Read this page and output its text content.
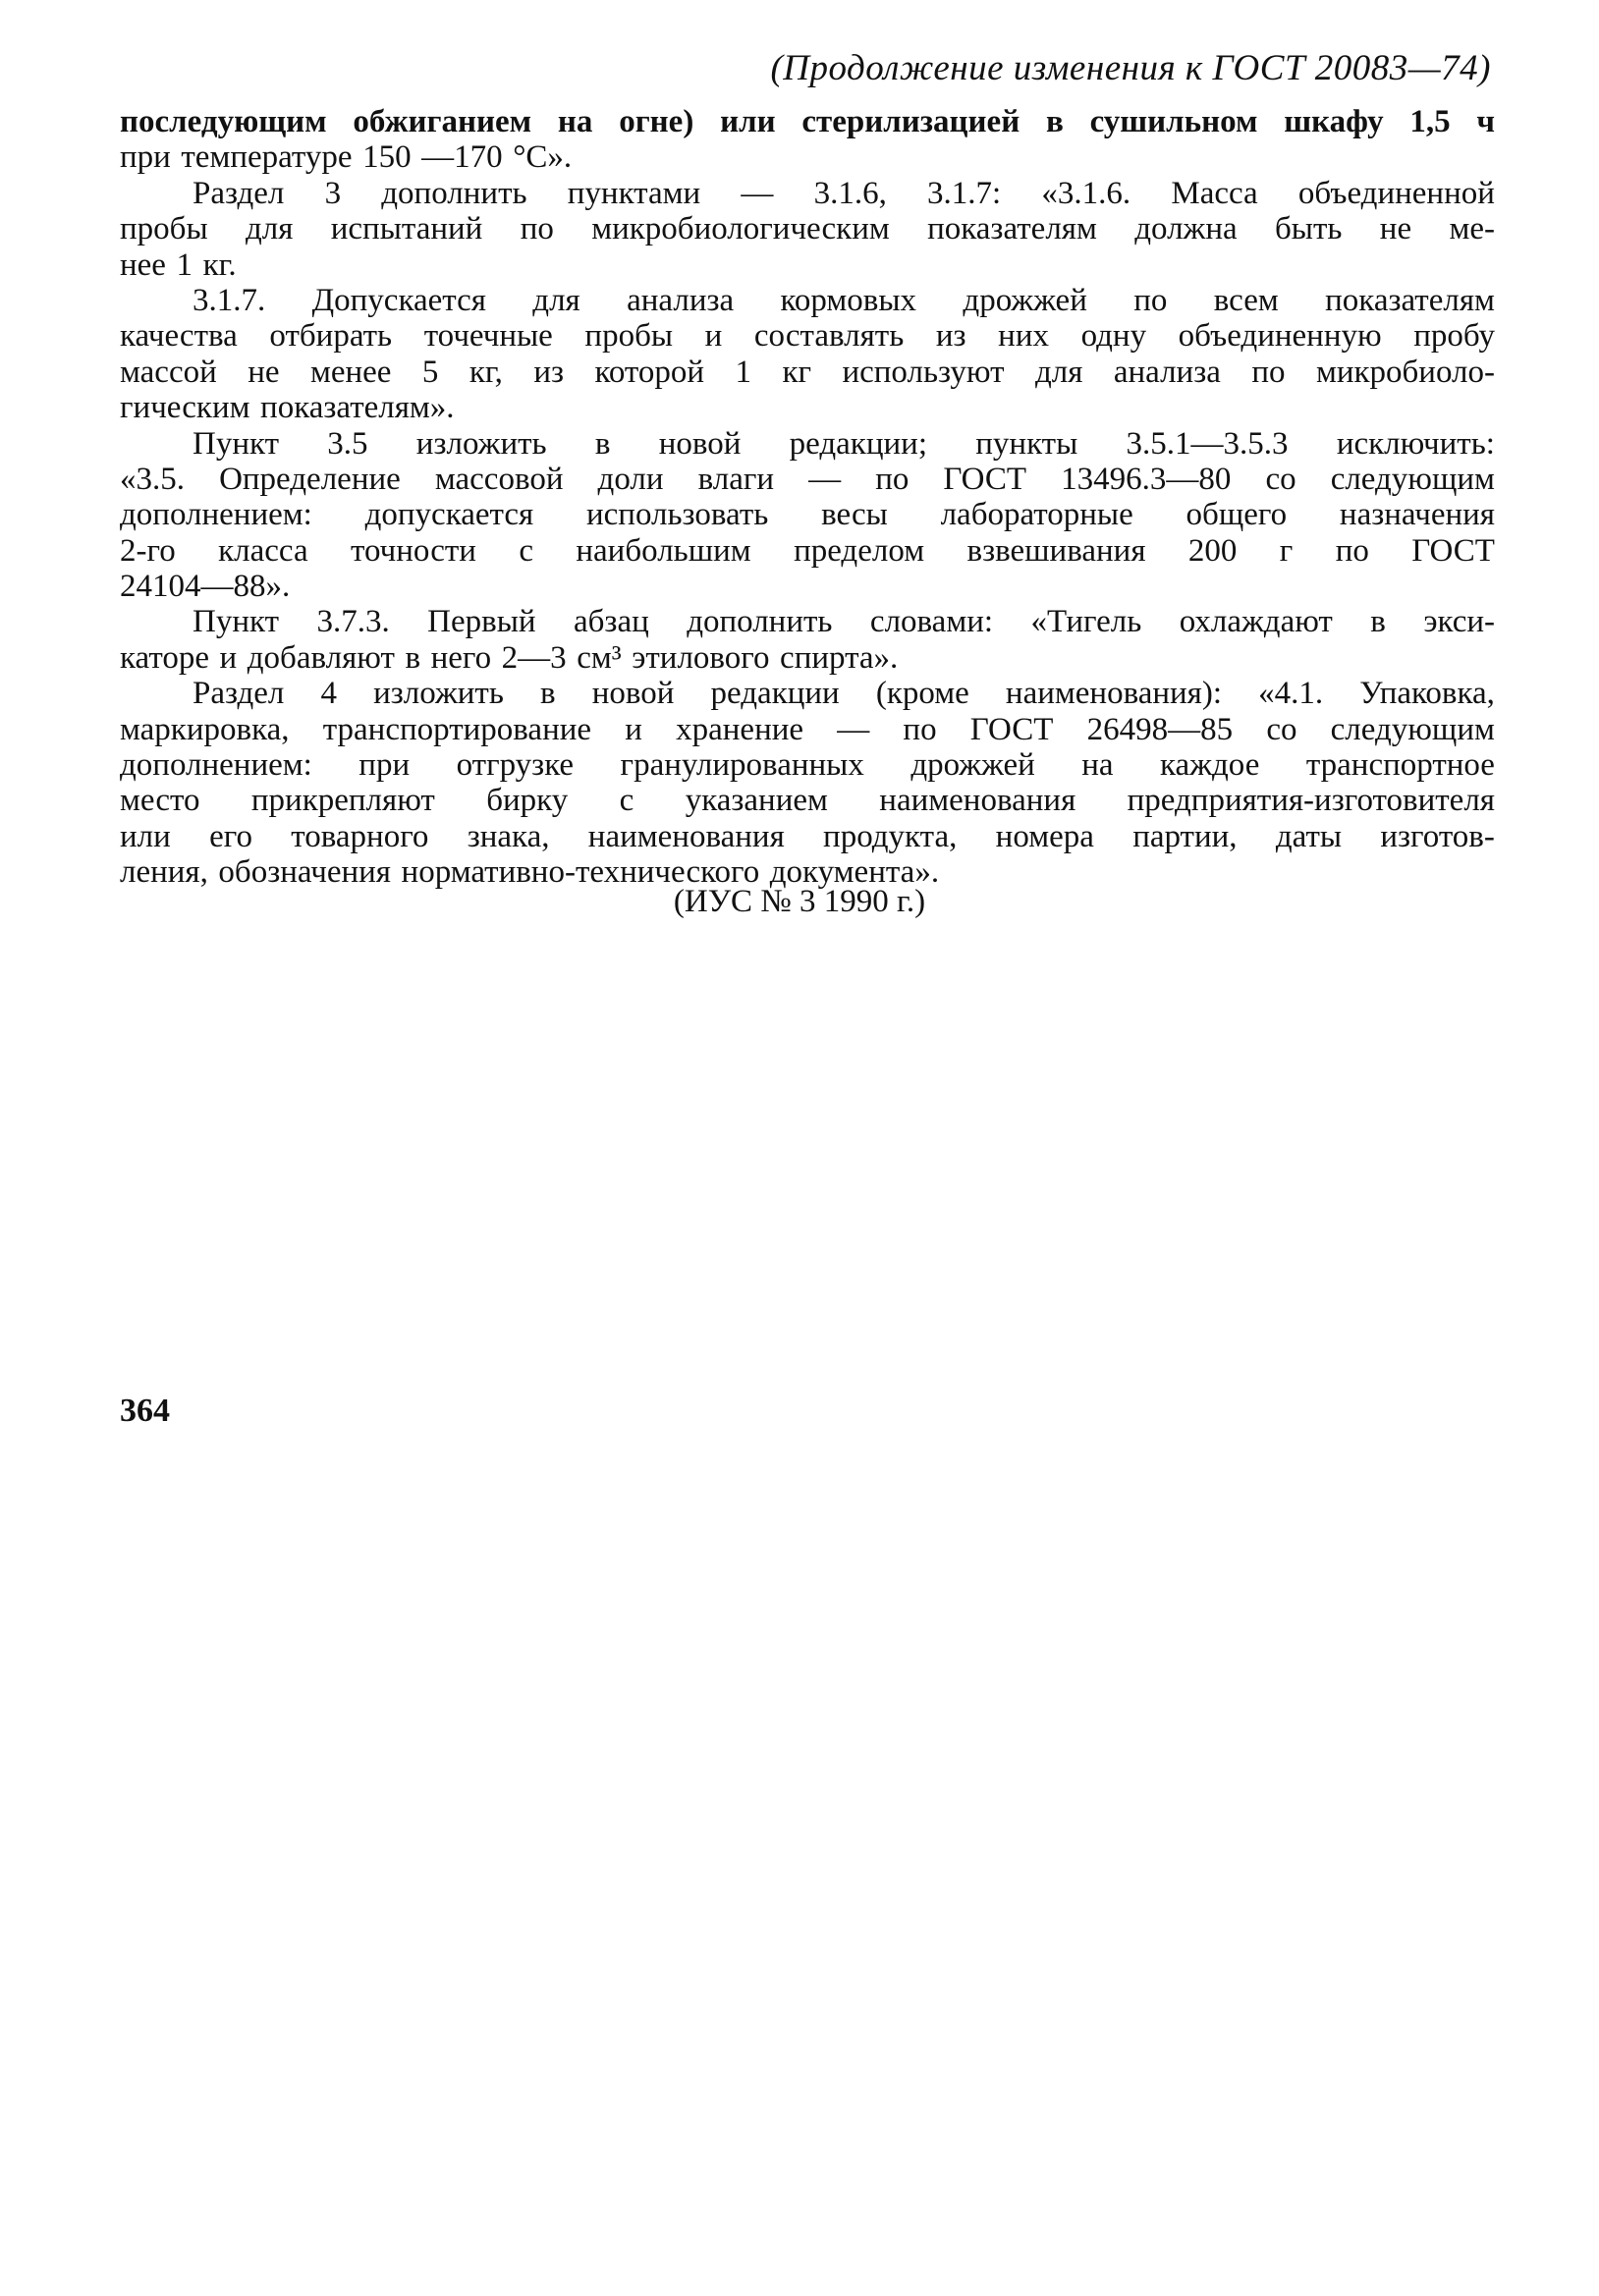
(Продолжение изменения к ГОСТ 20083—74)
последующим обжиганием на огне) или стерилизацией в сушильном шкафу 1,5 ч
при температуре 150 —170 °С».
Раздел 3 дополнить пунктами — 3.1.6, 3.1.7: «3.1.6. Масса объединенной
пробы для испытаний по микробиологическим показателям должна быть не ме-
нее 1 кг.
3.1.7. Допускается для анализа кормовых дрожжей по всем показателям
качества отбирать точечные пробы и составлять из них одну объединенную пробу
массой не менее 5 кг, из которой 1 кг используют для анализа по микробиоло-
гическим показателям».
Пункт 3.5 изложить в новой редакции; пункты 3.5.1—3.5.3 исключить:
«3.5. Определение массовой доли влаги — по ГОСТ 13496.3—80 со следующим
дополнением: допускается использовать весы лабораторные общего назначения
2-го класса точности с наибольшим пределом взвешивания 200 г по ГОСТ
24104—88».
Пункт 3.7.3. Первый абзац дополнить словами: «Тигель охлаждают в экси-
каторе и добавляют в него 2—3 см³ этилового спирта».
Раздел 4 изложить в новой редакции (кроме наименования): «4.1. Упаковка,
маркировка, транспортирование и хранение — по ГОСТ 26498—85 со следующим
дополнением: при отгрузке гранулированных дрожжей на каждое транспортное
место прикрепляют бирку с указанием наименования предприятия-изготовителя
или его товарного знака, наименования продукта, номера партии, даты изготов-
ления, обозначения нормативно-технического документа».
(ИУС № 3 1990 г.)
364
